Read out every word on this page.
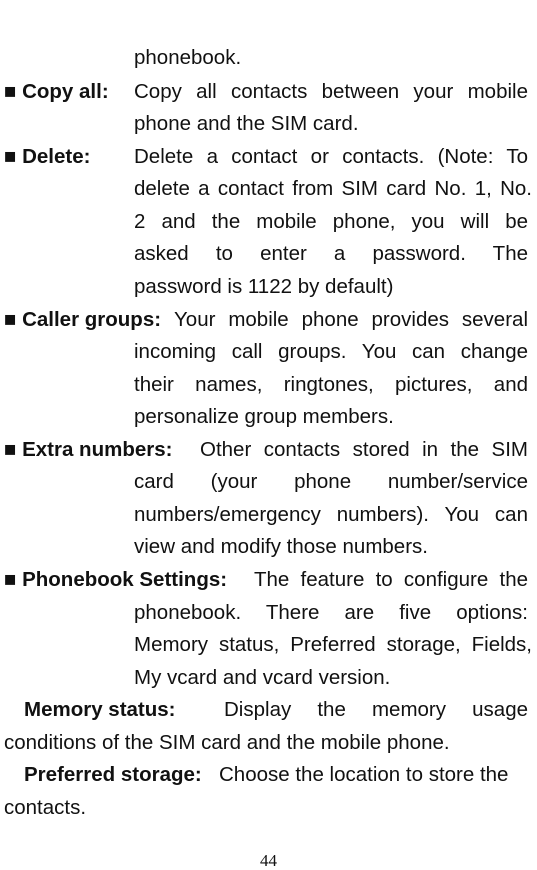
phonebook.
■ Copy all: Copy all contacts between your mobile
phone and the SIM card.
■ Delete: Delete a contact or contacts. (Note: To
delete a contact from SIM card No. 1, No.
2 and the mobile phone, you will be
asked to enter a password. The
password is 1122 by default)
■ Caller groups: Your mobile phone provides several
incoming call groups. You can change
their names, ringtones, pictures, and
personalize group members.
■ Extra numbers: Other contacts stored in the SIM
card (your phone number/service
numbers/emergency numbers). You can
view and modify those numbers.
■ Phonebook Settings: The feature to configure the
phonebook. There are five options:
Memory status, Preferred storage, Fields,
My vcard and vcard version.
Memory status: Display the memory usage
conditions of the SIM card and the mobile phone.
Preferred storage: Choose the location to store the
contacts.
44
